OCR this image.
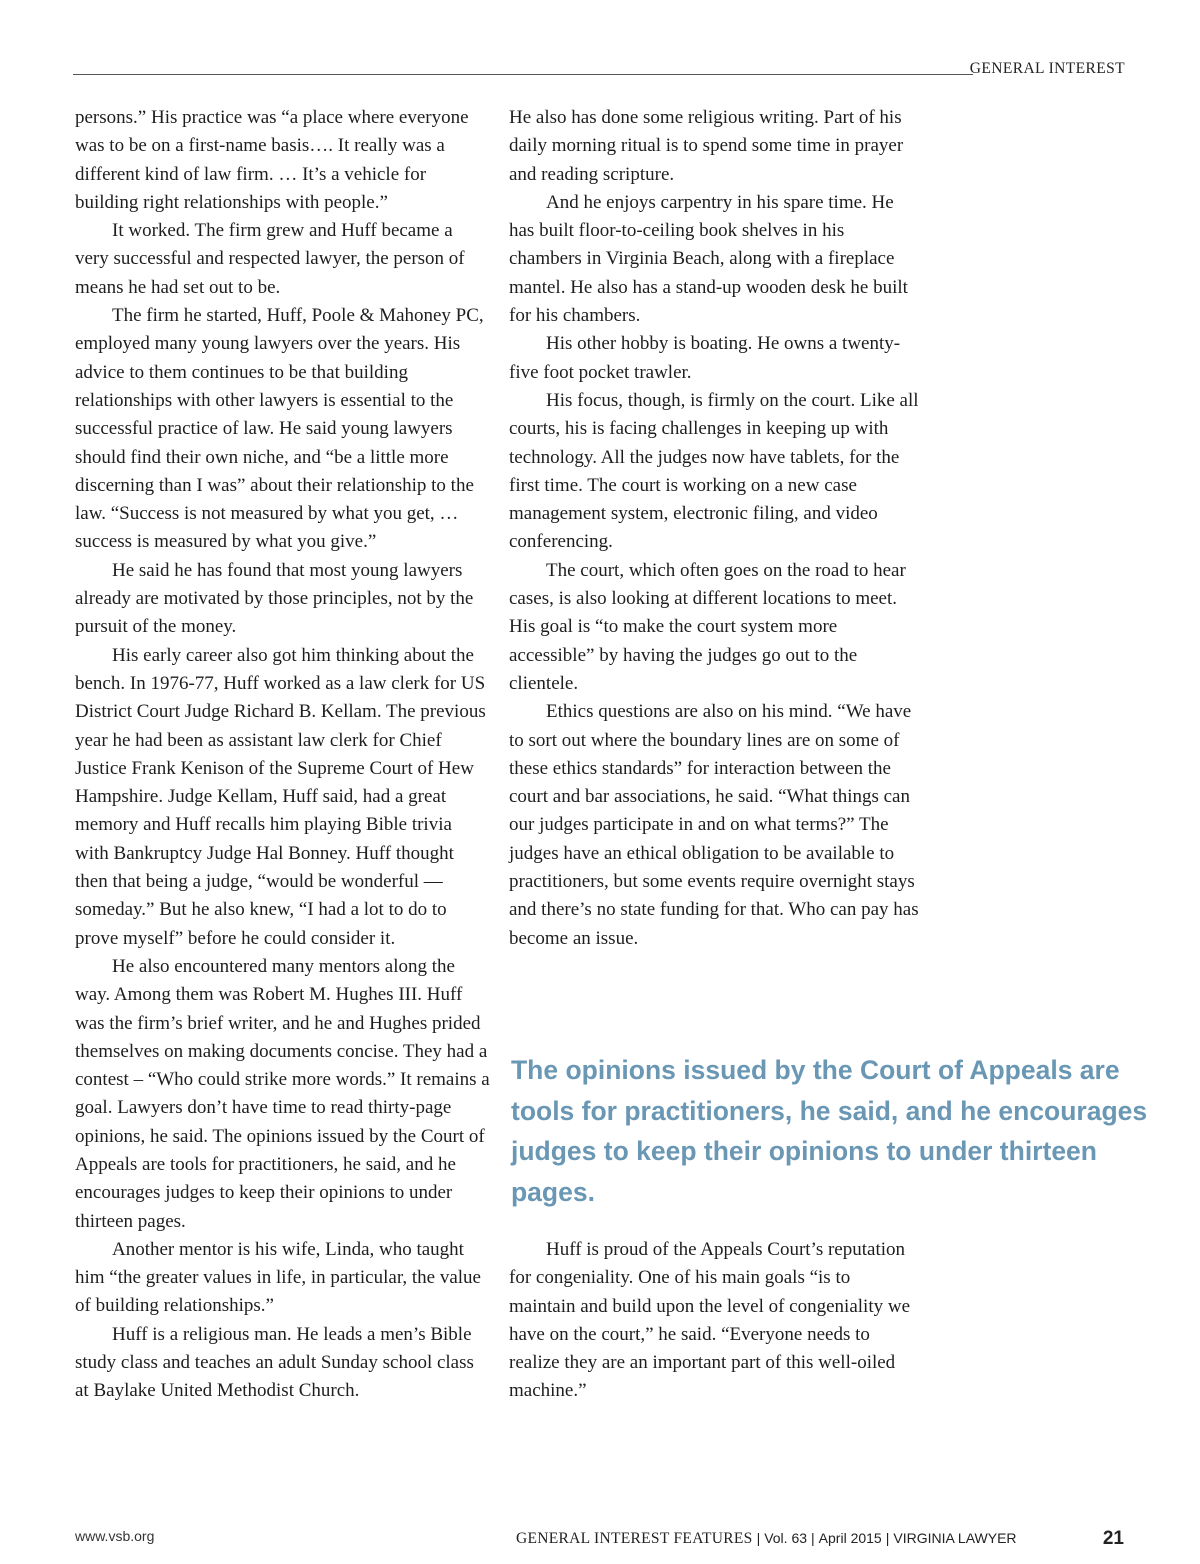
GENERAL INTEREST

persons.” His practice was “a place where everyone was to be on a first-name basis…. It really was a different kind of law firm. … It’s a vehicle for building right relationships with people.”

It worked. The firm grew and Huff became a very successful and respected lawyer, the person of means he had set out to be.

The firm he started, Huff, Poole & Mahoney PC, employed many young lawyers over the years. His advice to them continues to be that building relationships with other lawyers is essential to the successful practice of law. He said young lawyers should find their own niche, and “be a little more discerning than I was” about their relationship to the law. “Success is not measured by what you get, … success is measured by what you give.”

He said he has found that most young lawyers already are motivated by those principles, not by the pursuit of the money.

His early career also got him thinking about the bench. In 1976-77, Huff worked as a law clerk for US District Court Judge Richard B. Kellam. The previous year he had been as assistant law clerk for Chief Justice Frank Kenison of the Supreme Court of Hew Hampshire. Judge Kellam, Huff said, had a great memory and Huff recalls him playing Bible trivia with Bankruptcy Judge Hal Bonney. Huff thought then that being a judge, “would be wonderful — someday.” But he also knew, “I had a lot to do to prove myself” before he could consider it.

He also encountered many mentors along the way. Among them was Robert M. Hughes III. Huff was the firm’s brief writer, and he and Hughes prided themselves on making documents concise. They had a contest – “Who could strike more words.” It remains a goal. Lawyers don’t have time to read thirty-page opinions, he said. The opinions issued by the Court of Appeals are tools for practitioners, he said, and he encourages judges to keep their opinions to under thirteen pages.

Another mentor is his wife, Linda, who taught him “the greater values in life, in particular, the value of building relationships.”

Huff is a religious man. He leads a men’s Bible study class and teaches an adult Sunday school class at Baylake United Methodist Church.

He also has done some religious writing. Part of his daily morning ritual is to spend some time in prayer and reading scripture.

And he enjoys carpentry in his spare time. He has built floor-to-ceiling book shelves in his chambers in Virginia Beach, along with a fireplace mantel. He also has a stand-up wooden desk he built for his chambers.

His other hobby is boating. He owns a twenty-five foot pocket trawler.

His focus, though, is firmly on the court. Like all courts, his is facing challenges in keeping up with technology. All the judges now have tablets, for the first time. The court is working on a new case management system, electronic filing, and video conferencing.

The court, which often goes on the road to hear cases, is also looking at different locations to meet. His goal is “to make the court system more accessible” by having the judges go out to the clientele.

Ethics questions are also on his mind. “We have to sort out where the boundary lines are on some of these ethics standards” for interaction between the court and bar associations, he said. “What things can our judges participate in and on what terms?” The judges have an ethical obligation to be available to practitioners, but some events require overnight stays and there’s no state funding for that. Who can pay has become an issue.

The opinions issued by the Court of Appeals are tools for practitioners, he said, and he encourages judges to keep their opinions to under thirteen pages.

Huff is proud of the Appeals Court’s reputation for congeniality. One of his main goals “is to maintain and build upon the level of congeniality we have on the court,” he said. “Everyone needs to realize they are an important part of this well-oiled machine.”

www.vsb.org	GENERAL INTEREST FEATURES | Vol. 63 | April 2015 | VIRGINIA LAWYER	21
